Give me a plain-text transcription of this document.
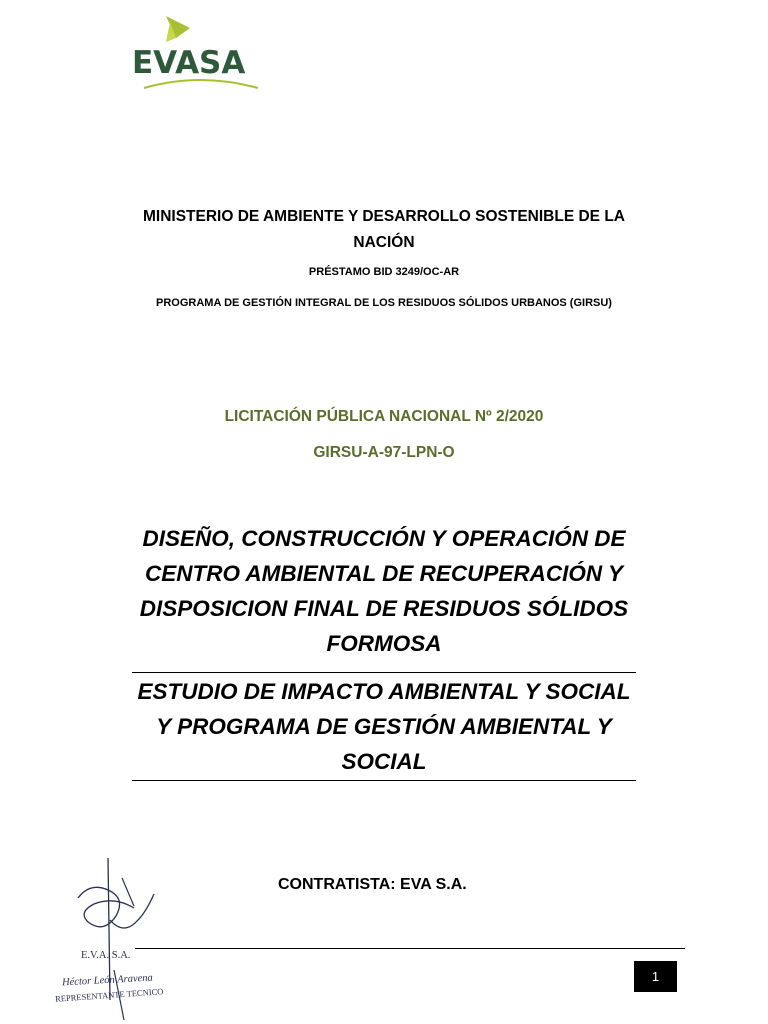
EVASA
MINISTERIO DE AMBIENTE Y DESARROLLO SOSTENIBLE DE LA NACIÓN
PRÉSTAMO BID 3249/OC-AR
PROGRAMA DE GESTIÓN INTEGRAL DE LOS RESIDUOS SÓLIDOS URBANOS (GIRSU)
LICITACIÓN PÚBLICA NACIONAL Nº 2/2020
GIRSU-A-97-LPN-O
DISEÑO, CONSTRUCCIÓN Y OPERACIÓN DE CENTRO AMBIENTAL DE RECUPERACIÓN Y DISPOSICION FINAL DE RESIDUOS SÓLIDOS FORMOSA
ESTUDIO DE IMPACTO AMBIENTAL Y SOCIAL Y PROGRAMA DE GESTIÓN AMBIENTAL Y SOCIAL
CONTRATISTA: EVA S.A.
E.V.A. S.A.
Héctor León Aravena
REPRESENTANTE TECNICO
1
